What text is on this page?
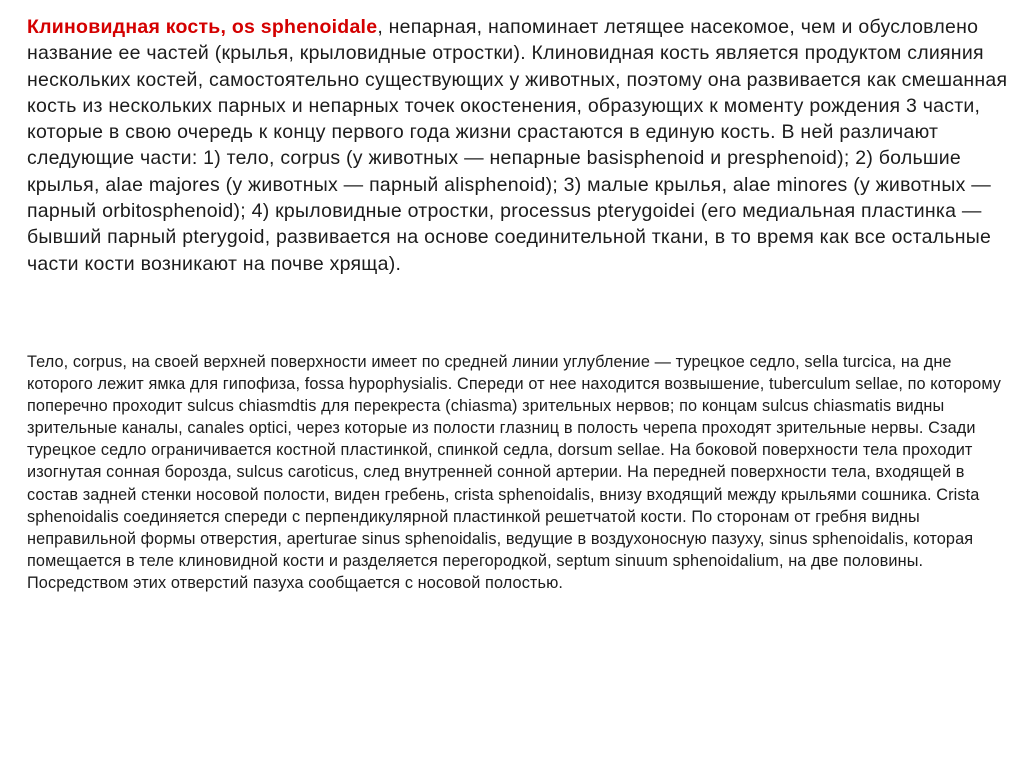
Клиновидная кость, os sphenoidale, непарная, напоминает летящее насекомое, чем и обусловлено название ее частей (крылья, крыловидные отростки). Клиновидная кость является продуктом слияния нескольких костей, самостоятельно существующих у животных, поэтому она развивается как смешанная кость из нескольких парных и непарных точек окостенения, образующих к моменту рождения 3 части, которые в свою очередь к концу первого года жизни срастаются в единую кость. В ней различают следующие части: 1) тело, corpus (у животных — непарные basisphenoid и presphenoid); 2) большие крылья, alae majores (у животных — парный alisphenoid); 3) малые крылья, alae minores (у животных — парный orbitosphenoid); 4) крыловидные отростки, processus pterygoidei (его медиальная пластинка — бывший парный pterygoid, развивается на основе соединительной ткани, в то время как все остальные части кости возникают на почве хряща).

Тело, corpus, на своей верхней поверхности имеет по средней линии углубление — турецкое седло, sella turcica, на дне которого лежит ямка для гипофиза, fossa hypophysialis. Спереди от нее находится возвышение, tuberculum sellae, по которому поперечно проходит sulcus chiasmdtis для перекреста (chiasma) зрительных нервов; по концам sulcus chiasmatis видны зрительные каналы, canales optici, через которые из полости глазниц в полость черепа проходят зрительные нервы. Сзади турецкое седло ограничивается костной пластинкой, спинкой седла, dorsum sellae. На боковой поверхности тела проходит изогнутая сонная борозда, sulcus caroticus, след внутренней сонной артерии. На передней поверхности тела, входящей в состав задней стенки носовой полости, виден гребень, crista sphenoidalis, внизу входящий между крыльями сошника. Crista sphenoidalis соединяется спереди с перпендикулярной пластинкой решетчатой кости. По сторонам от гребня видны неправильной формы отверстия, aperturae sinus sphenoidalis, ведущие в воздухоносную пазуху, sinus sphenoidalis, которая помещается в теле клиновидной кости и разделяется перегородкой, septum sinuum sphenoidalium, на две половины. Посредством этих отверстий пазуха сообщается с носовой полостью.
